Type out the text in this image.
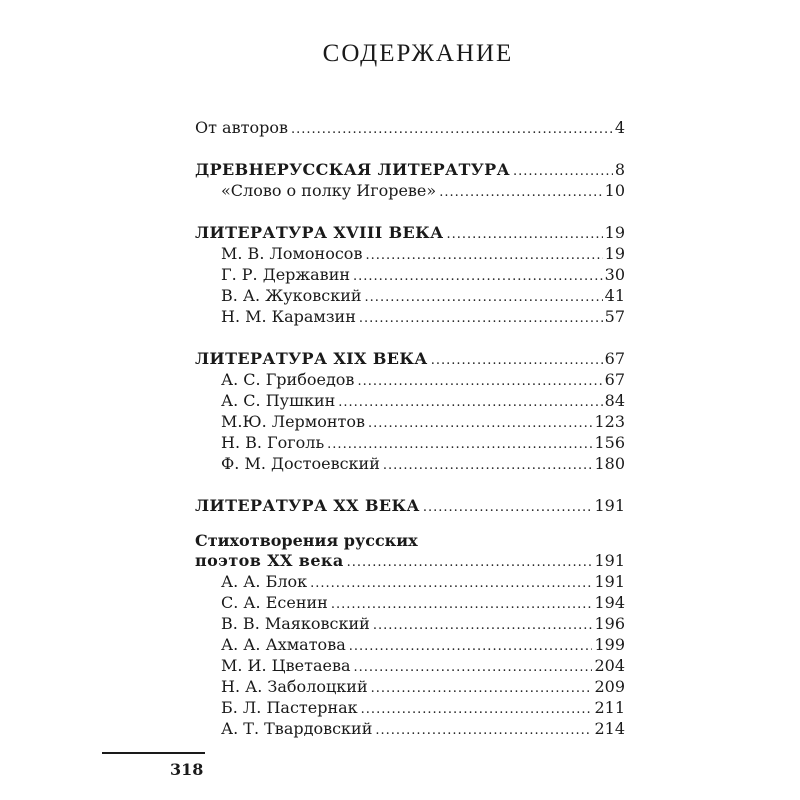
СОДЕРЖАНИЕ
От авторов .....	4
ДРЕВНЕРУССКАЯ ЛИТЕРАТУРА .....	8
«Слово о полку Игореве» .....	10
ЛИТЕРАТУРА XVIII ВЕКА .....	19
М. В. Ломоносов .....	19
Г. Р. Державин .....	30
В. А. Жуковский .....	41
Н. М. Карамзин .....	57
ЛИТЕРАТУРА XIX ВЕКА .....	67
А. С. Грибоедов .....	67
А. С. Пушкин .....	84
М.Ю. Лермонтов .....	123
Н. В. Гоголь .....	156
Ф. М. Достоевский .....	180
ЛИТЕРАТУРА XX ВЕКА .....	191
Стихотворения русских
поэтов XX века .....	191
А. А. Блок .....	191
С. А. Есенин .....	194
В. В. Маяковский .....	196
А. А. Ахматова .....	199
М. И. Цветаева .....	204
Н. А. Заболоцкий .....	209
Б. Л. Пастернак .....	211
А. Т. Твардовский .....	214
318
